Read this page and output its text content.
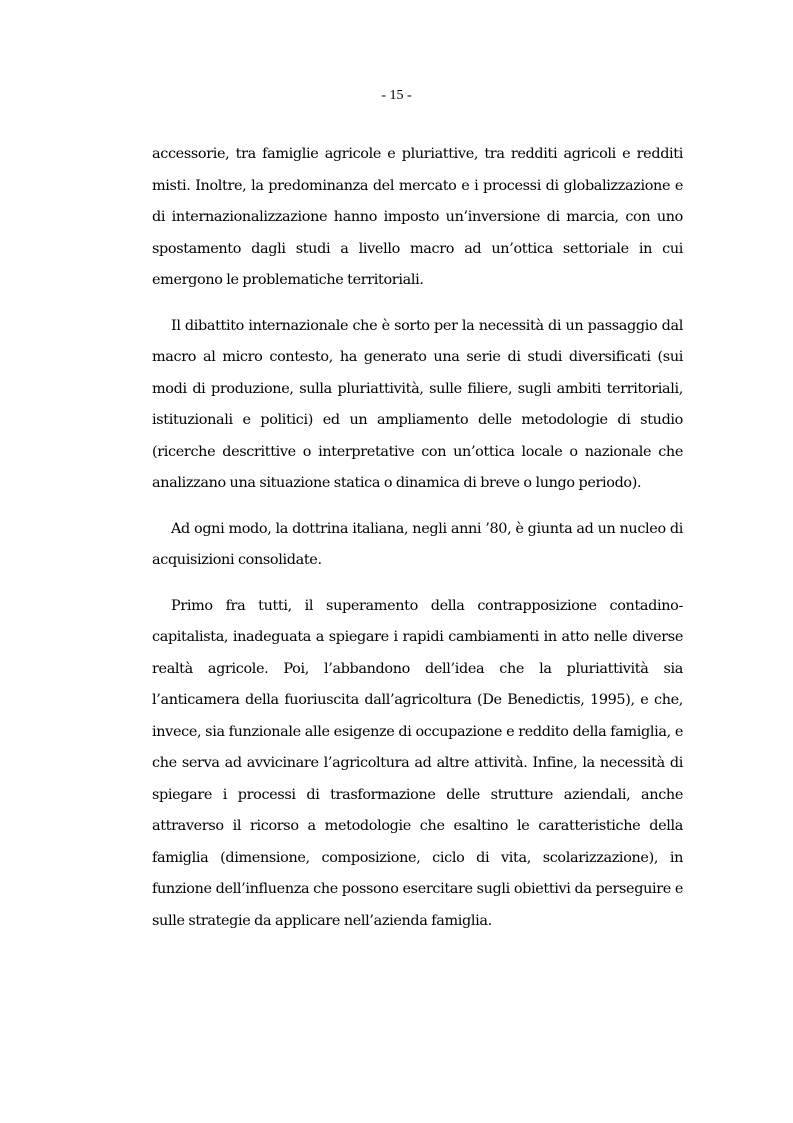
- 15 -

accessorie, tra famiglie agricole e pluriattive, tra redditi agricoli e redditi misti. Inoltre, la predominanza del mercato e i processi di globalizzazione e di internazionalizzazione hanno imposto un’inversione di marcia, con uno spostamento dagli studi a livello macro ad un’ottica settoriale in cui emergono le problematiche territoriali.

Il dibattito internazionale che è sorto per la necessità di un passaggio dal macro al micro contesto, ha generato una serie di studi diversificati (sui modi di produzione, sulla pluriattività, sulle filiere, sugli ambiti territoriali, istituzionali e politici) ed un ampliamento delle metodologie di studio (ricerche descrittive o interpretative con un’ottica locale o nazionale che analizzano una situazione statica o dinamica di breve o lungo periodo).

Ad ogni modo, la dottrina italiana, negli anni ’80, è giunta ad un nucleo di acquisizioni consolidate.

Primo fra tutti, il superamento della contrapposizione contadino-capitalista, inadeguata a spiegare i rapidi cambiamenti in atto nelle diverse realtà agricole. Poi, l’abbandono dell’idea che la pluriattività sia l’anticamera della fuoriuscita dall’agricoltura (De Benedictis, 1995), e che, invece, sia funzionale alle esigenze di occupazione e reddito della famiglia, e che serva ad avvicinare l’agricoltura ad altre attività. Infine, la necessità di spiegare i processi di trasformazione delle strutture aziendali, anche attraverso il ricorso a metodologie che esaltino le caratteristiche della famiglia (dimensione, composizione, ciclo di vita, scolarizzazione), in funzione dell’influenza che possono esercitare sugli obiettivi da perseguire e sulle strategie da applicare nell’azienda famiglia.
